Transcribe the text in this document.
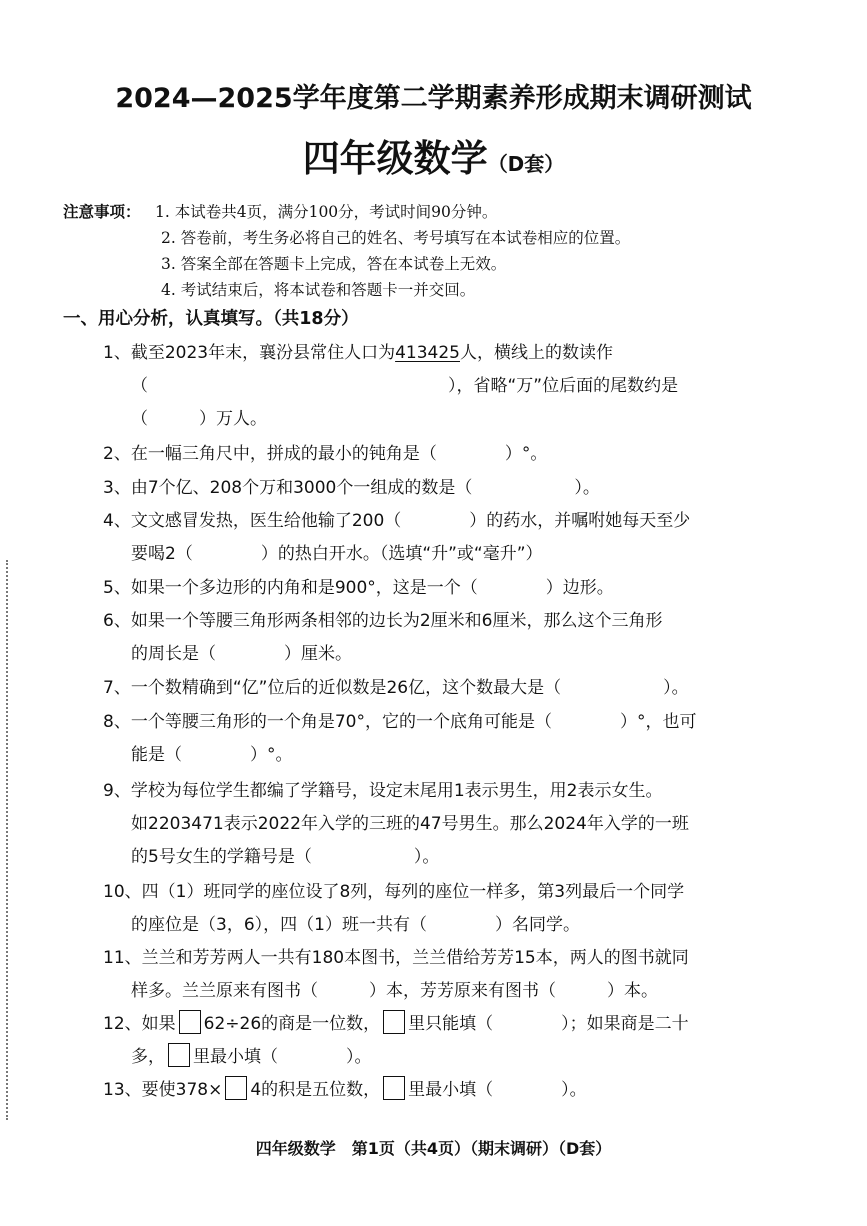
2024—2025学年度第二学期素养形成期末调研测试
四年级数学（D套）
注意事项： 1. 本试卷共4页，满分100分，考试时间90分钟。
2. 答卷前，考生务必将自己的姓名、考号填写在本试卷相应的位置。
3. 答案全部在答题卡上完成，答在本试卷上无效。
4. 考试结束后，将本试卷和答题卡一并交回。
一、用心分析，认真填写。（共18分）
1、截至2023年末，襄汾县常住人口为413425人，横线上的数读作
（	），省略“万”位后面的尾数约是
（　　　）万人。
2、在一幅三角尺中，拼成的最小的钝角是（　　　　）°。
3、由7个亿、208个万和3000个一组成的数是（　　　　　　）。
4、文文感冒发热，医生给他输了200（　　　　）的药水，并嘱咐她每天至少
要喝2（　　　　）的热白开水。（选填“升”或“毫升”）
5、如果一个多边形的内角和是900°，这是一个（　　　　）边形。
6、如果一个等腰三角形两条相邻的边长为2厘米和6厘米，那么这个三角形
的周长是（　　　　）厘米。
7、一个数精确到“亿”位后的近似数是26亿，这个数最大是（　　　　　　）。
8、一个等腰三角形的一个角是70°，它的一个底角可能是（　　　　）°，也可
能是（　　　　）°。
9、学校为每位学生都编了学籍号，设定末尾用1表示男生，用2表示女生。
如2203471表示2022年入学的三班的47号男生。那么2024年入学的一班
的5号女生的学籍号是（　　　　　　）。
10、四（1）班同学的座位设了8列，每列的座位一样多，第3列最后一个同学
的座位是（3，6），四（1）班一共有（　　　　）名同学。
11、兰兰和芳芳两人一共有180本图书，兰兰借给芳芳15本，两人的图书就同
样多。兰兰原来有图书（　　　）本，芳芳原来有图书（　　　）本。
12、如果 62÷26的商是一位数， 里只能填（　　　　）；如果商是二十
多， 里最小填（　　　　）。
13、要使378× 4的积是五位数， 里最小填（　　　　）。
四年级数学　第1页（共4页）（期末调研）（D套）
